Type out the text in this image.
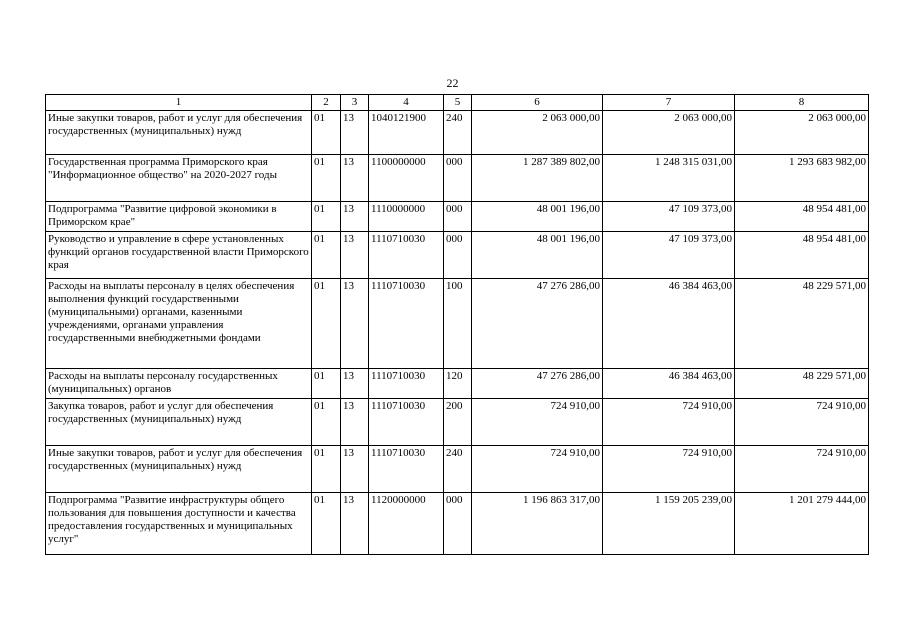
22
1	2	3	4	5	6	7	8
Иные закупки товаров, работ и услуг для обеспечения государственных (муниципальных) нужд	01	13	1040121900	240	2 063 000,00	2 063 000,00	2 063 000,00
Государственная программа Приморского края "Информационное общество" на 2020-2027 годы	01	13	1100000000	000	1 287 389 802,00	1 248 315 031,00	1 293 683 982,00
Подпрограмма "Развитие цифровой экономики в Приморском крае"	01	13	1110000000	000	48 001 196,00	47 109 373,00	48 954 481,00
Руководство и управление в сфере установленных функций органов государственной власти Приморского края	01	13	1110710030	000	48 001 196,00	47 109 373,00	48 954 481,00
Расходы на выплаты персоналу в целях обеспечения выполнения функций государственными (муниципальными) органами, казенными учреждениями, органами управления государственными внебюджетными фондами	01	13	1110710030	100	47 276 286,00	46 384 463,00	48 229 571,00
Расходы на выплаты персоналу государственных (муниципальных) органов	01	13	1110710030	120	47 276 286,00	46 384 463,00	48 229 571,00
Закупка товаров, работ и услуг для обеспечения государственных (муниципальных) нужд	01	13	1110710030	200	724 910,00	724 910,00	724 910,00
Иные закупки товаров, работ и услуг для обеспечения государственных (муниципальных) нужд	01	13	1110710030	240	724 910,00	724 910,00	724 910,00
Подпрограмма "Развитие инфраструктуры общего пользования для повышения доступности и качества предоставления государственных и муниципальных услуг"	01	13	1120000000	000	1 196 863 317,00	1 159 205 239,00	1 201 279 444,00
